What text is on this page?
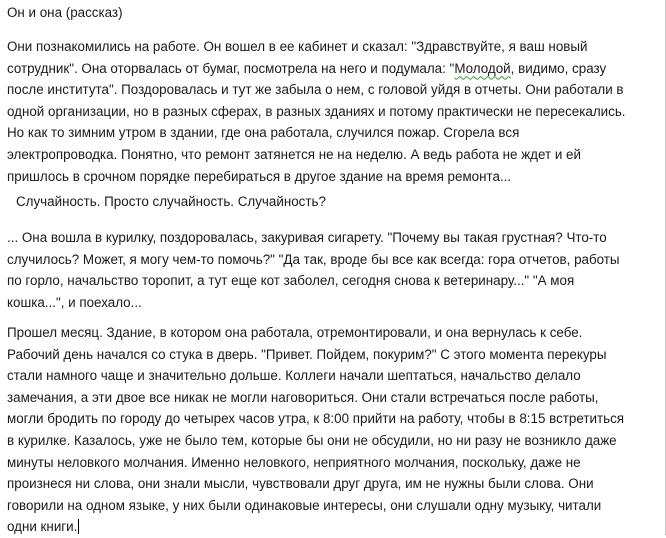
Он и она (рассказ)

Они познакомились на работе. Он вошел в ее кабинет и сказал: "Здравствуйте, я ваш новый
сотрудник". Она оторвалась от бумаг, посмотрела на него и подумала: "Молодой, видимо, сразу
после института". Поздоровалась и тут же забыла о нем, с головой уйдя в отчеты. Они работали в
одной организации, но в разных сферах, в разных зданиях и потому практически не пересекались.
Но как то зимним утром в здании, где она работала, случился пожар. Сгорела вся
электропроводка. Понятно, что ремонт затянется не на неделю. А ведь работа не ждет и ей
пришлось в срочном порядке перебираться в другое здание на время ремонта...

Случайность. Просто случайность. Случайность?

... Она вошла в курилку, поздоровалась, закуривая сигарету. "Почему вы такая грустная? Что-то
случилось? Может, я могу чем-то помочь?" "Да так, вроде бы все как всегда: гора отчетов, работы
по горло, начальство торопит, а тут еще кот заболел, сегодня снова к ветеринару..." "А моя
кошка...", и поехало...

Прошел месяц. Здание, в котором она работала, отремонтировали, и она вернулась к себе.
Рабочий день начался со стука в дверь. "Привет. Пойдем, покурим?" С этого момента перекуры
стали намного чаще и значительно дольше. Коллеги начали шептаться, начальство делало
замечания, а эти двое все никак не могли наговориться. Они стали встречаться после работы,
могли бродить по городу до четырех часов утра, к 8:00 прийти на работу, чтобы в 8:15 встретиться
в курилке. Казалось, уже не было тем, которые бы они не обсудили, но ни разу не возникло даже
минуты неловкого молчания. Именно неловкого, неприятного молчания, поскольку, даже не
произнеся ни слова, они знали мысли, чувствовали друг друга, им не нужны были слова. Они
говорили на одном языке, у них были одинаковые интересы, они слушали одну музыку, читали
одни книги.
